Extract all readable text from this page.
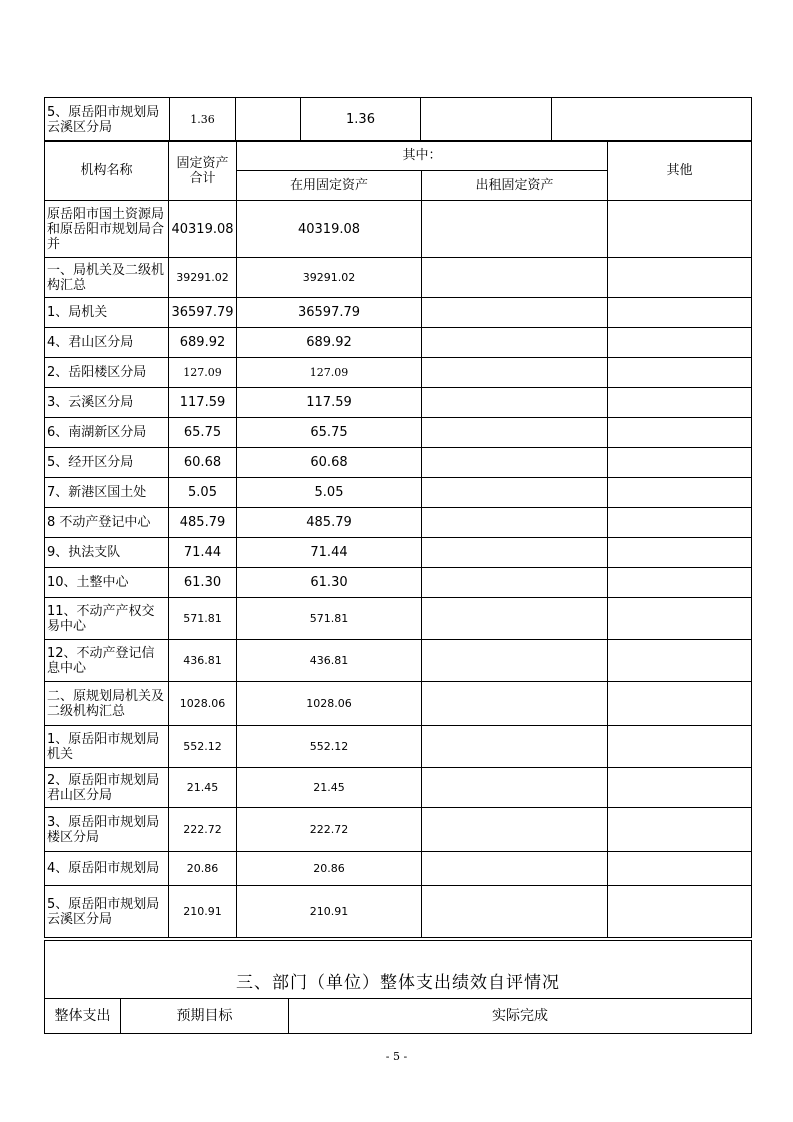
5、原岳阳市规划局云溪区分局	1.36		1.36		
机构名称	固定资产合计	其中：		其他
		在用固定资产	出租固定资产	
原岳阳市国土资源局和原岳阳市规划局合并	40319.08	40319.08		
一、局机关及二级机构汇总	39291.02	39291.02		
1、局机关	36597.79	36597.79		
4、君山区分局	689.92	689.92		
2、岳阳楼区分局	127.09	127.09		
3、云溪区分局	117.59	117.59		
6、南湖新区分局	65.75	65.75		
5、经开区分局	60.68	60.68		
7、新港区国土处	5.05	5.05		
8 不动产登记中心	485.79	485.79		
9、执法支队	71.44	71.44		
10、土整中心	61.30	61.30		
11、不动产产权交易中心	571.81	571.81		
12、不动产登记信息中心	436.81	436.81		
二、原规划局机关及二级机构汇总	1028.06	1028.06		
1、原岳阳市规划局机关	552.12	552.12		
2、原岳阳市规划局君山区分局	21.45	21.45		
3、原岳阳市规划局楼区分局	222.72	222.72		
4、原岳阳市规划局	20.86	20.86		
5、原岳阳市规划局云溪区分局	210.91	210.91		
三、部门（单位）整体支出绩效自评情况
整体支出	预期目标	实际完成
- 5 -
